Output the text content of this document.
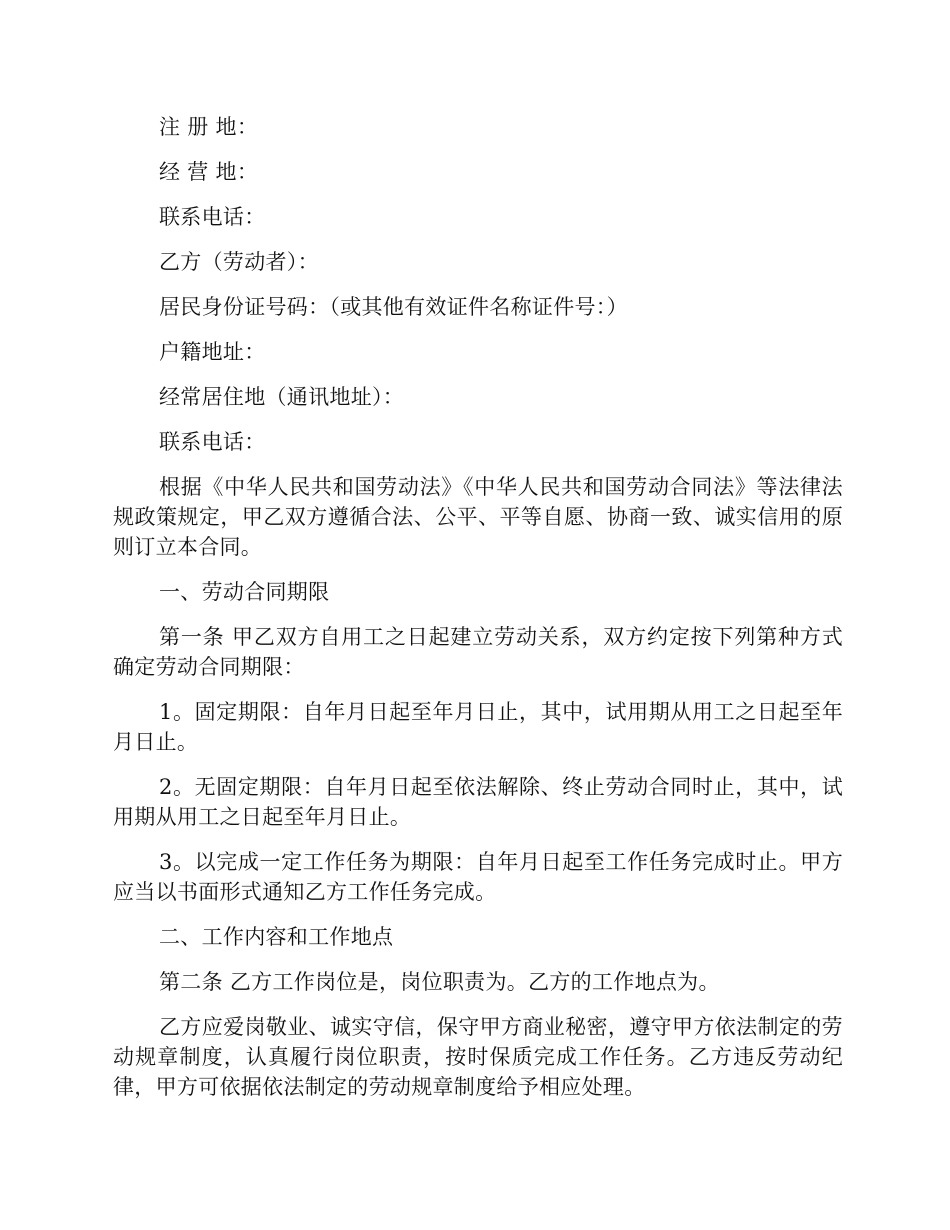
注 册 地：

经 营 地：

联系电话：

乙方（劳动者）：

居民身份证号码：（或其他有效证件名称证件号：）

户籍地址：

经常居住地（通讯地址）：

联系电话：

根据《中华人民共和国劳动法》《中华人民共和国劳动合同法》等法律法规政策规定，甲乙双方遵循合法、公平、平等自愿、协商一致、诚实信用的原则订立本合同。

一、劳动合同期限

第一条 甲乙双方自用工之日起建立劳动关系，双方约定按下列第种方式确定劳动合同期限：

1。固定期限：自年月日起至年月日止，其中，试用期从用工之日起至年月日止。

2。无固定期限：自年月日起至依法解除、终止劳动合同时止，其中，试用期从用工之日起至年月日止。

3。以完成一定工作任务为期限：自年月日起至工作任务完成时止。甲方应当以书面形式通知乙方工作任务完成。

二、工作内容和工作地点

第二条 乙方工作岗位是，岗位职责为。乙方的工作地点为。

乙方应爱岗敬业、诚实守信，保守甲方商业秘密，遵守甲方依法制定的劳动规章制度，认真履行岗位职责，按时保质完成工作任务。乙方违反劳动纪律，甲方可依据依法制定的劳动规章制度给予相应处理。
